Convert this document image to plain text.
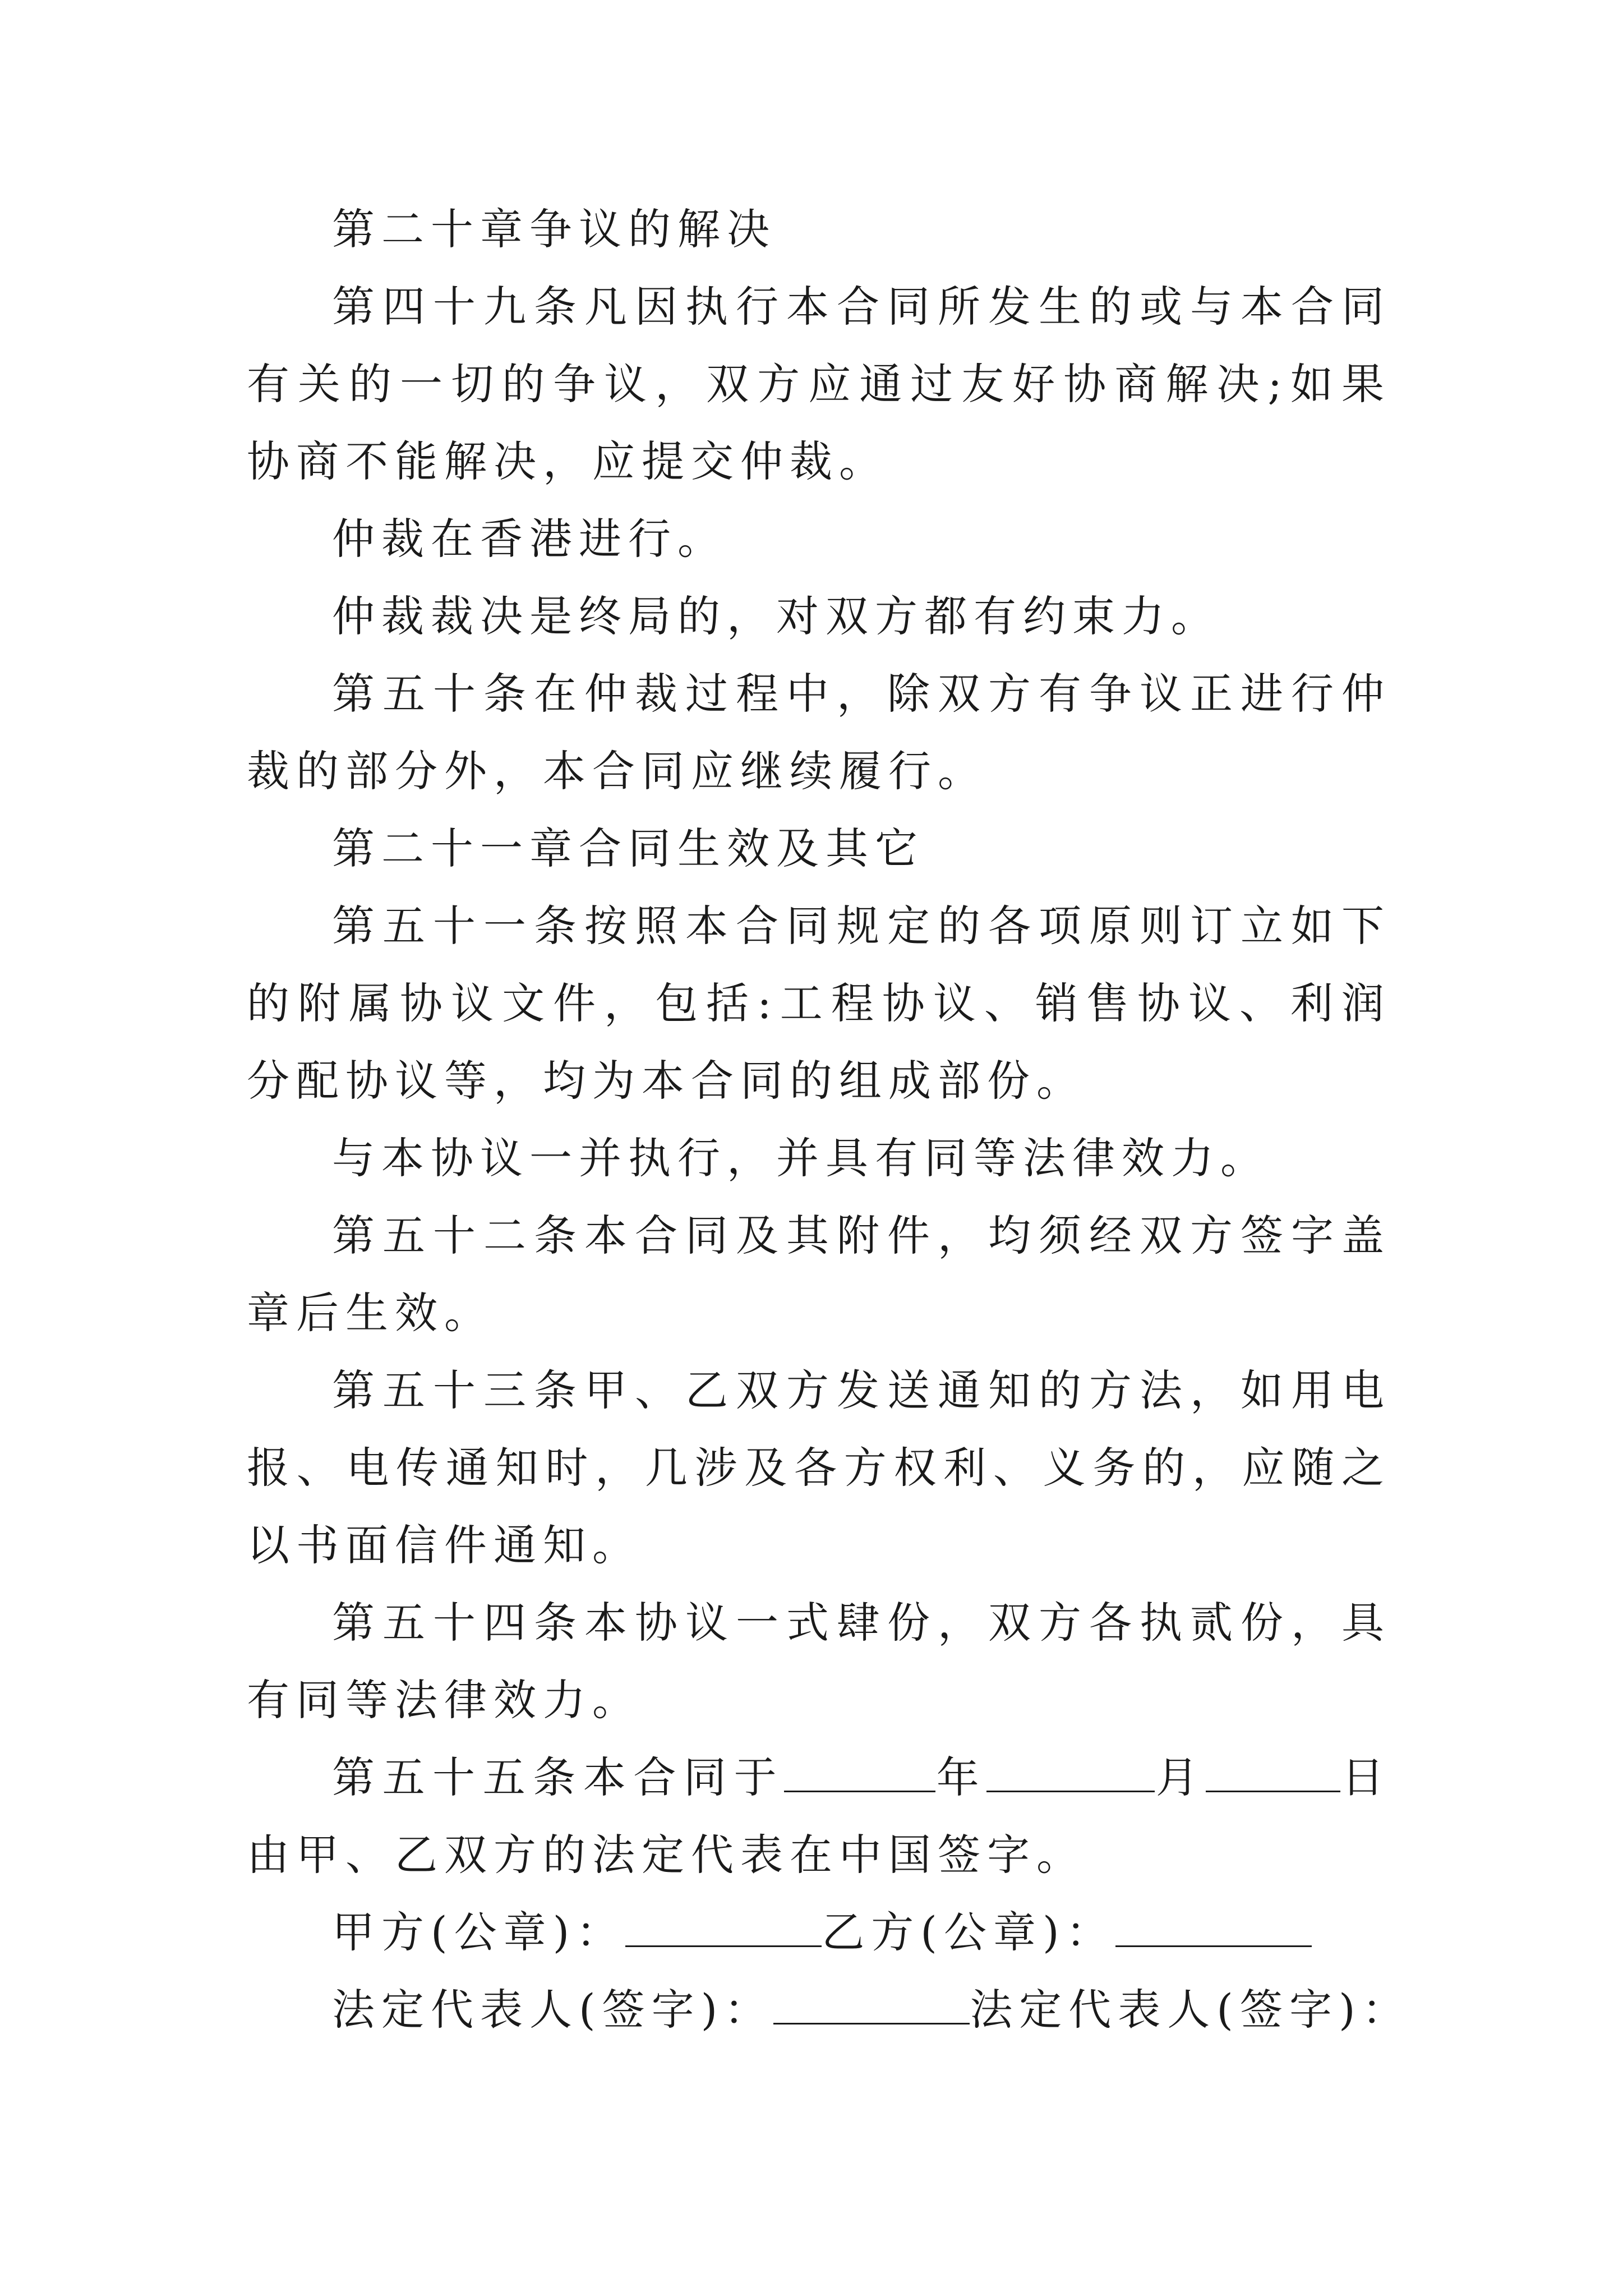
第二十章争议的解决

第四十九条凡因执行本合同所发生的或与本合同有关的一切的争议，双方应通过友好协商解决;如果协商不能解决，应提交仲裁。

仲裁在香港进行。

仲裁裁决是终局的，对双方都有约束力。

第五十条在仲裁过程中，除双方有争议正进行仲裁的部分外，本合同应继续履行。

第二十一章合同生效及其它

第五十一条按照本合同规定的各项原则订立如下的附属协议文件，包括:工程协议、销售协议、利润分配协议等，均为本合同的组成部份。

与本协议一并执行，并具有同等法律效力。

第五十二条本合同及其附件，均须经双方签字盖章后生效。

第五十三条甲、乙双方发送通知的方法，如用电报、电传通知时，几涉及各方权利、义务的，应随之以书面信件通知。

第五十四条本协议一式肆份，双方各执贰份，具有同等法律效力。

第五十五条本合同于	年	月	日由甲、乙双方的法定代表在中国签字。

甲方(公章)：	乙方(公章)：

法定代表人(签字)：	法定代表人(签字)：
